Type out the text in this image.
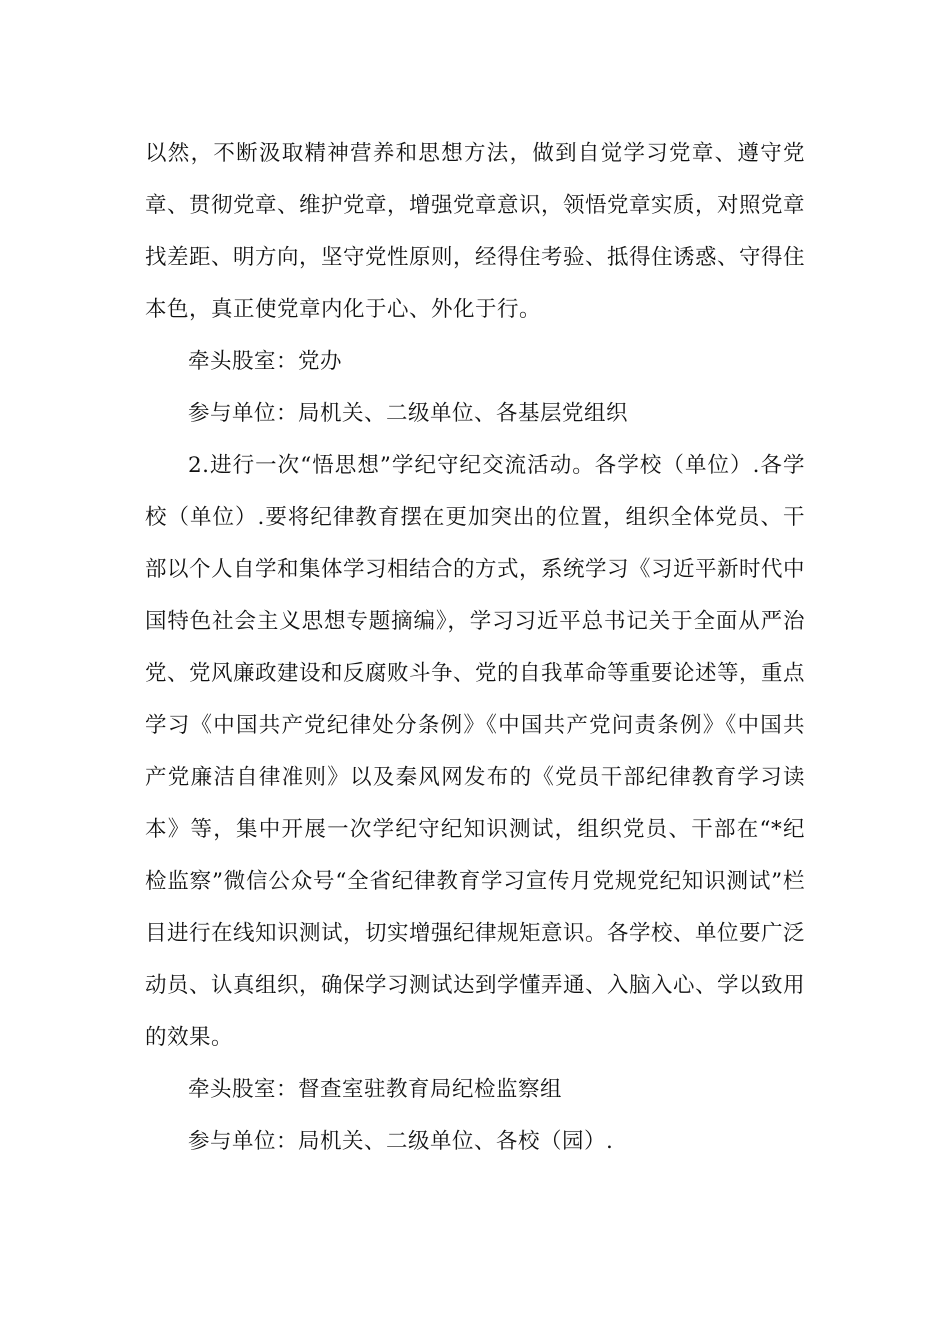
以然，不断汲取精神营养和思想方法，做到自觉学习党章、遵守党章、贯彻党章、维护党章，增强党章意识，领悟党章实质，对照党章找差距、明方向，坚守党性原则，经得住考验、抵得住诱惑、守得住本色，真正使党章内化于心、外化于行。

牵头股室：党办

参与单位：局机关、二级单位、各基层党组织

2.进行一次“悟思想”学纪守纪交流活动。各学校（单位）.各学校（单位）.要将纪律教育摆在更加突出的位置，组织全体党员、干部以个人自学和集体学习相结合的方式，系统学习《习近平新时代中国特色社会主义思想专题摘编》，学习习近平总书记关于全面从严治党、党风廉政建设和反腐败斗争、党的自我革命等重要论述等，重点学习《中国共产党纪律处分条例》《中国共产党问责条例》《中国共产党廉洁自律准则》以及秦风网发布的《党员干部纪律教育学习读本》等，集中开展一次学纪守纪知识测试，组织党员、干部在“*纪检监察”微信公众号“全省纪律教育学习宣传月党规党纪知识测试”栏目进行在线知识测试，切实增强纪律规矩意识。各学校、单位要广泛动员、认真组织，确保学习测试达到学懂弄通、入脑入心、学以致用的效果。

牵头股室：督查室驻教育局纪检监察组

参与单位：局机关、二级单位、各校（园）.
